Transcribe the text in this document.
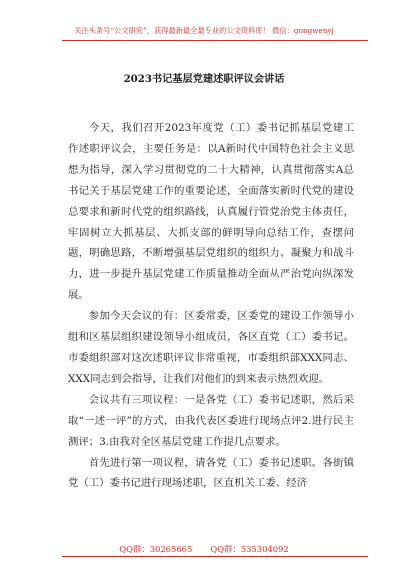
关注头条号“公文研究”，获得最新最全最专业的公文资料库！ 微信：gongwenyj
2023书记基层党建述职评议会讲话

今天，我们召开2023年度党（工）委书记抓基层党建工作述职评议会，主要任务是：以A新时代中国特色社会主义思想为指导，深入学习贯彻党的二十大精神，认真贯彻落实A总书记关于基层党建工作的重要论述，全面落实新时代党的建设总要求和新时代党的组织路线，认真履行管党治党主体责任，牢固树立大抓基层、大抓支部的鲜明导向总结工作，查摆问题，明确思路，不断增强基层党组织的组织力、凝聚力和战斗力，进一步提升基层党建工作质量推动全面从严治党向纵深发展。

参加今天会议的有：区委常委，区委党的建设工作领导小组和区基层组织建设领导小组成员，各区直党（工）委书记。市委组织部对这次述职评议非常重视，市委组织部XXX同志、XXX同志到会指导，让我们对他们的到来表示热烈欢迎。

会议共有三项议程：一是各党（工）委书记述职，然后采取“一述一评”的方式，由我代表区委进行现场点评2.进行民主测评；3.由我对全区基层党建工作提几点要求。

首先进行第一项议程，请各党（工）委书记述职。各街镇党（工）委书记进行现场述职，区直机关工委、经济

QQ群：30265665 QQ群：535304092
